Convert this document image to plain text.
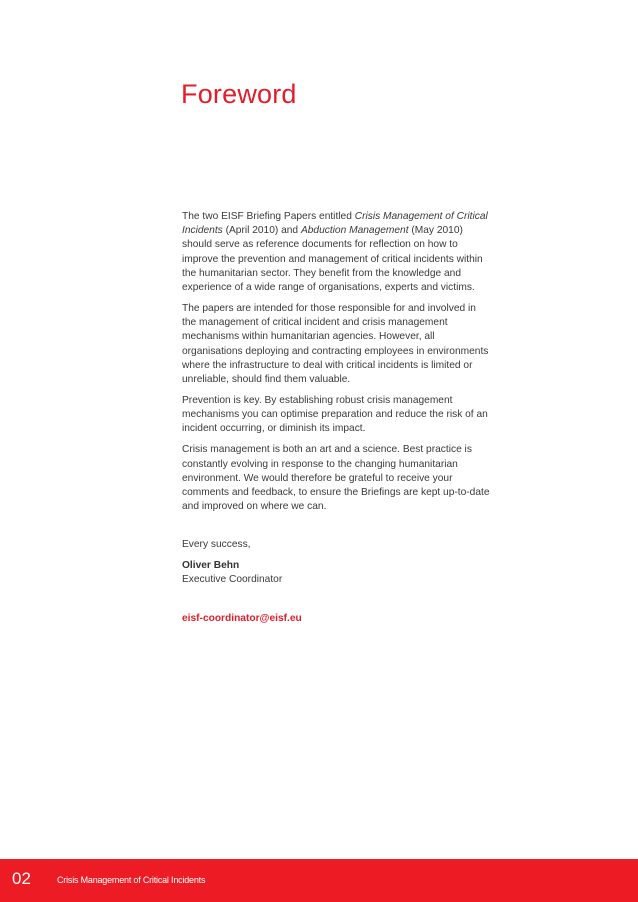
Foreword

The two EISF Briefing Papers entitled Crisis Management of Critical Incidents (April 2010) and Abduction Management (May 2010) should serve as reference documents for reflection on how to improve the prevention and management of critical incidents within the humanitarian sector. They benefit from the knowledge and experience of a wide range of organisations, experts and victims.

The papers are intended for those responsible for and involved in the management of critical incident and crisis management mechanisms within humanitarian agencies. However, all organisations deploying and contracting employees in environments where the infrastructure to deal with critical incidents is limited or unreliable, should find them valuable.

Prevention is key. By establishing robust crisis management mechanisms you can optimise preparation and reduce the risk of an incident occurring, or diminish its impact.

Crisis management is both an art and a science. Best practice is constantly evolving in response to the changing humanitarian environment. We would therefore be grateful to receive your comments and feedback, to ensure the Briefings are kept up-to-date and improved on where we can.

Every success,

Oliver Behn
Executive Coordinator
eisf-coordinator@eisf.eu
02	Crisis Management of Critical Incidents
